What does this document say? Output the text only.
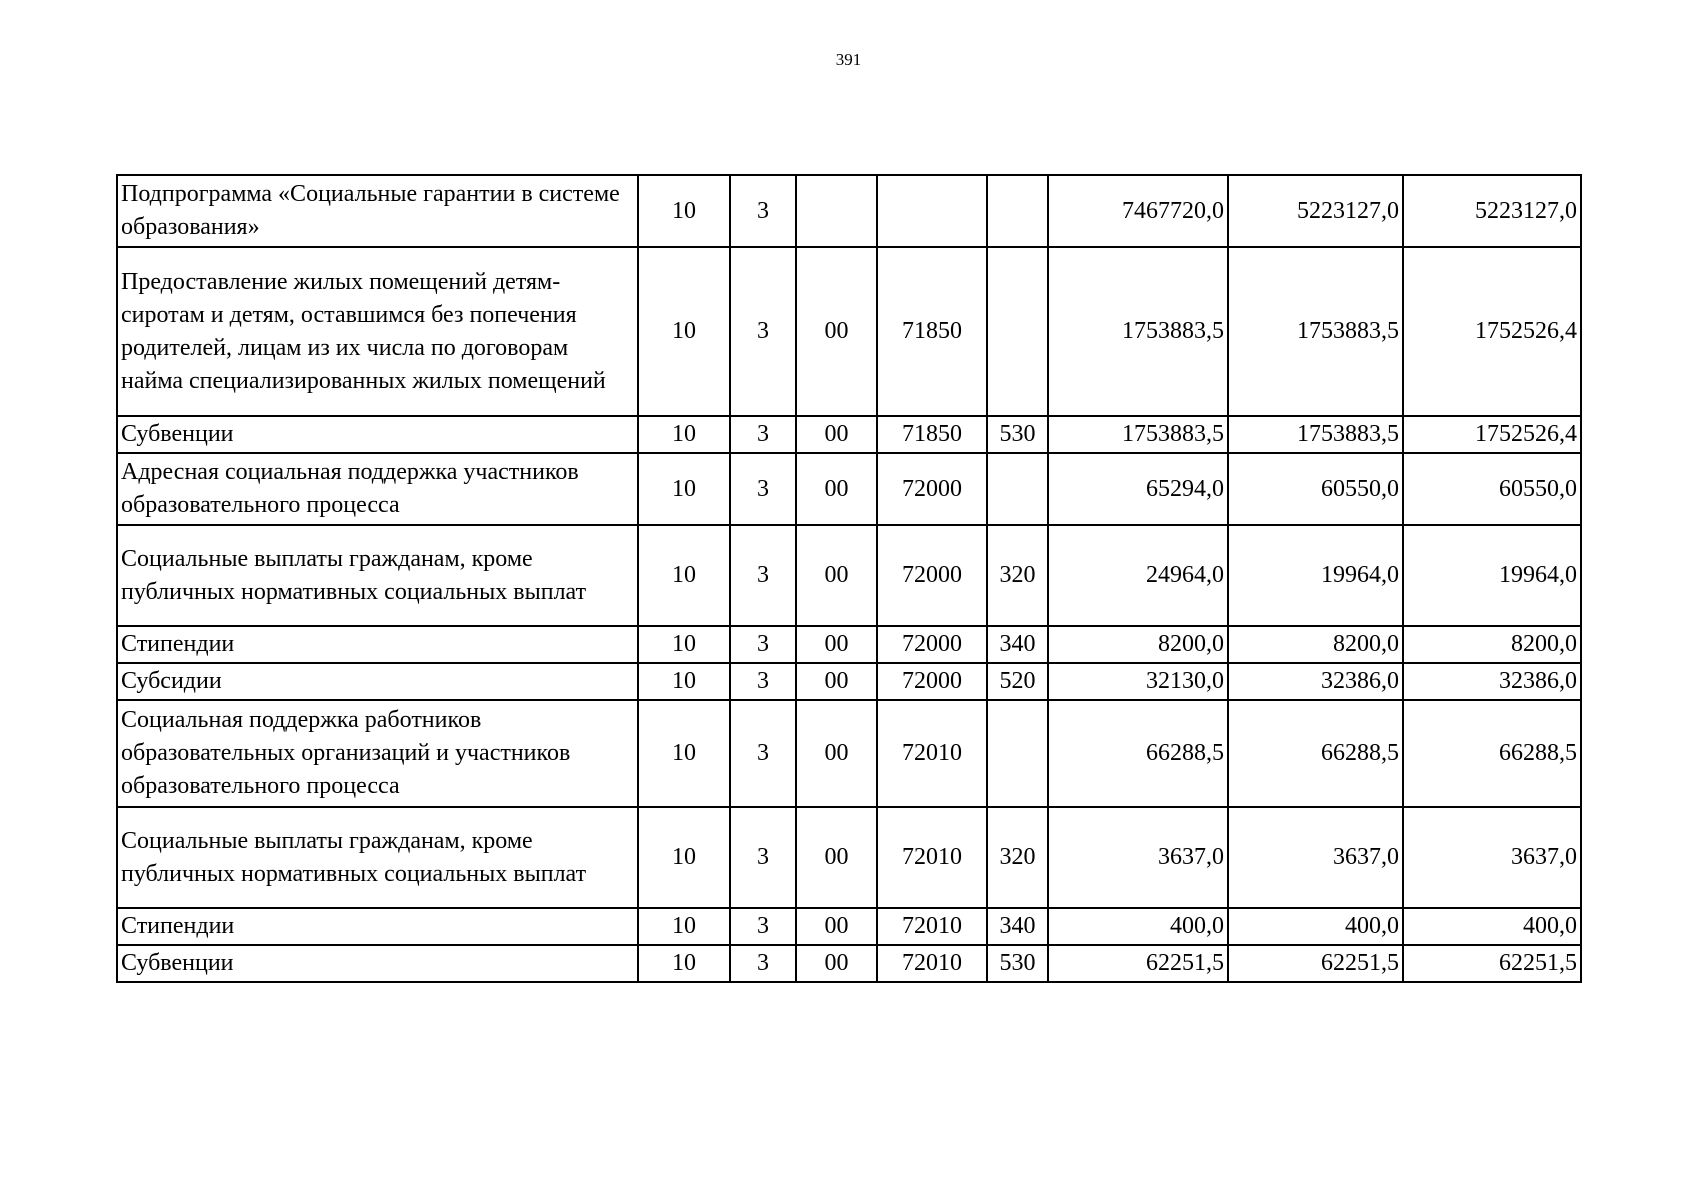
391
Подпрограмма «Социальные гарантии в системе образования»	10	3				7467720,0	5223127,0	5223127,0
Предоставление жилых помещений детям-сиротам и детям, оставшимся без попечения родителей, лицам из их числа по договорам найма специализированных жилых помещений	10	3	00	71850		1753883,5	1753883,5	1752526,4
Субвенции	10	3	00	71850	530	1753883,5	1753883,5	1752526,4
Адресная социальная поддержка участников образовательного процесса	10	3	00	72000		65294,0	60550,0	60550,0
Социальные выплаты гражданам, кроме публичных нормативных социальных выплат	10	3	00	72000	320	24964,0	19964,0	19964,0
Стипендии	10	3	00	72000	340	8200,0	8200,0	8200,0
Субсидии	10	3	00	72000	520	32130,0	32386,0	32386,0
Социальная поддержка работников образовательных организаций и участников образовательного процесса	10	3	00	72010		66288,5	66288,5	66288,5
Социальные выплаты гражданам, кроме публичных нормативных социальных выплат	10	3	00	72010	320	3637,0	3637,0	3637,0
Стипендии	10	3	00	72010	340	400,0	400,0	400,0
Субвенции	10	3	00	72010	530	62251,5	62251,5	62251,5
